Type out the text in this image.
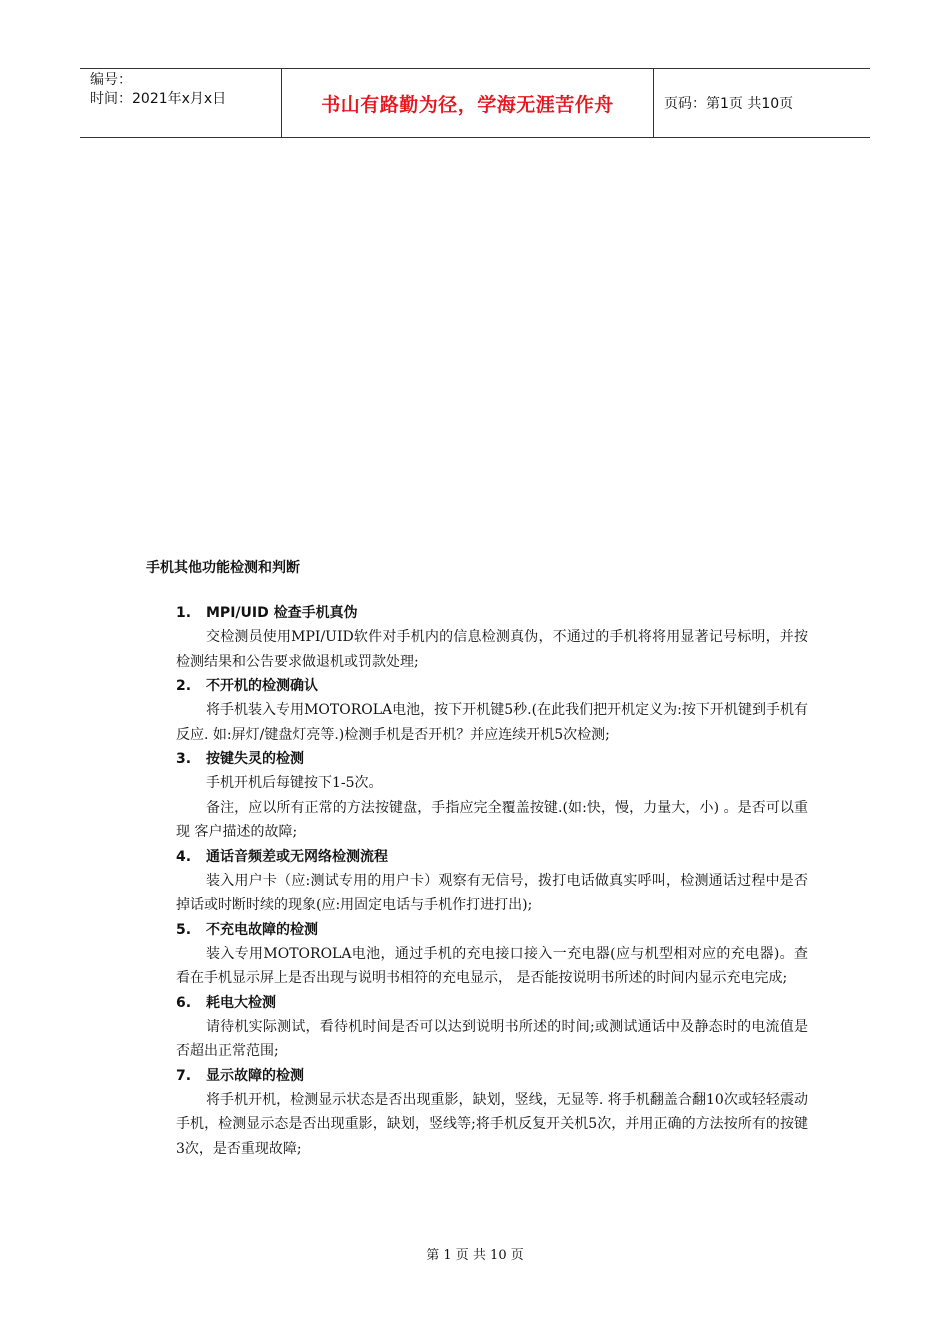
编号：
时间：2021年x月x日	书山有路勤为径，学海无涯苦作舟	页码：第1页 共10页
手机其他功能检测和判断
1. MPI/UID 检查手机真伪

交检测员使用MPI/UID软件对手机内的信息检测真伪，不通过的手机将将用显著记号标明，并按检测结果和公告要求做退机或罚款处理;

2. 不开机的检测确认

将手机装入专用MOTOROLA电池，按下开机键5秒.(在此我们把开机定义为:按下开机键到手机有反应. 如:屏灯/键盘灯亮等.)检测手机是否开机？并应连续开机5次检测;

3. 按键失灵的检测

手机开机后每键按下1-5次。

备注，应以所有正常的方法按键盘，手指应完全覆盖按键.(如:快，慢，力量大，小) 。是否可以重现 客户描述的故障;

4. 通话音频差或无网络检测流程

装入用户卡（应:测试专用的用户卡）观察有无信号，拨打电话做真实呼叫，检测通话过程中是否掉话或时断时续的现象(应:用固定电话与手机作打进打出);

5. 不充电故障的检测

装入专用MOTOROLA电池，通过手机的充电接口接入一充电器(应与机型相对应的充电器)。查看在手机显示屏上是否出现与说明书相符的充电显示， 是否能按说明书所述的时间内显示充电完成;

6. 耗电大检测

请待机实际测试，看待机时间是否可以达到说明书所述的时间;或测试通话中及静态时的电流值是否超出正常范围;

7. 显示故障的检测

将手机开机，检测显示状态是否出现重影，缺划，竖线，无显等. 将手机翻盖合翻10次或轻轻震动手机，检测显示态是否出现重影，缺划，竖线等;将手机反复开关机5次，并用正确的方法按所有的按键3次，是否重现故障;

第 1 页 共 10 页
